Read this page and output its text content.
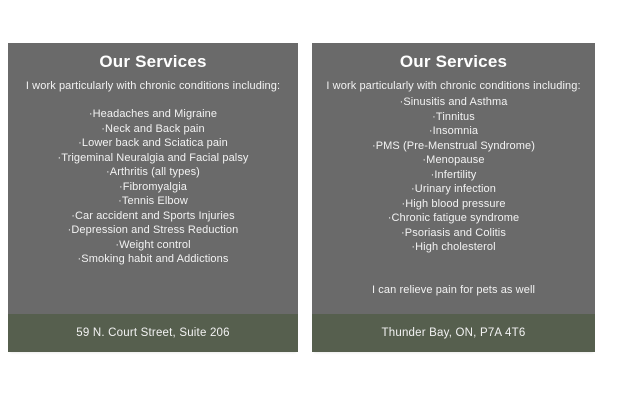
Our Services

I work particularly with chronic conditions including:

·Headaches and Migraine
·Neck and Back pain
·Lower back and Sciatica pain
·Trigeminal Neuralgia and Facial palsy
·Arthritis (all types)
·Fibromyalgia
·Tennis Elbow
·Car accident and Sports Injuries
·Depression and Stress Reduction
·Weight control
·Smoking habit and Addictions
59 N. Court Street, Suite 206
Our Services

I work particularly with chronic conditions including:

·Sinusitis and Asthma
·Tinnitus
·Insomnia
·PMS (Pre-Menstrual Syndrome)
·Menopause
·Infertility
·Urinary infection
·High blood pressure
·Chronic fatigue syndrome
·Psoriasis and Colitis
·High cholesterol

I can relieve pain for pets as well

Thunder Bay, ON, P7A 4T6
